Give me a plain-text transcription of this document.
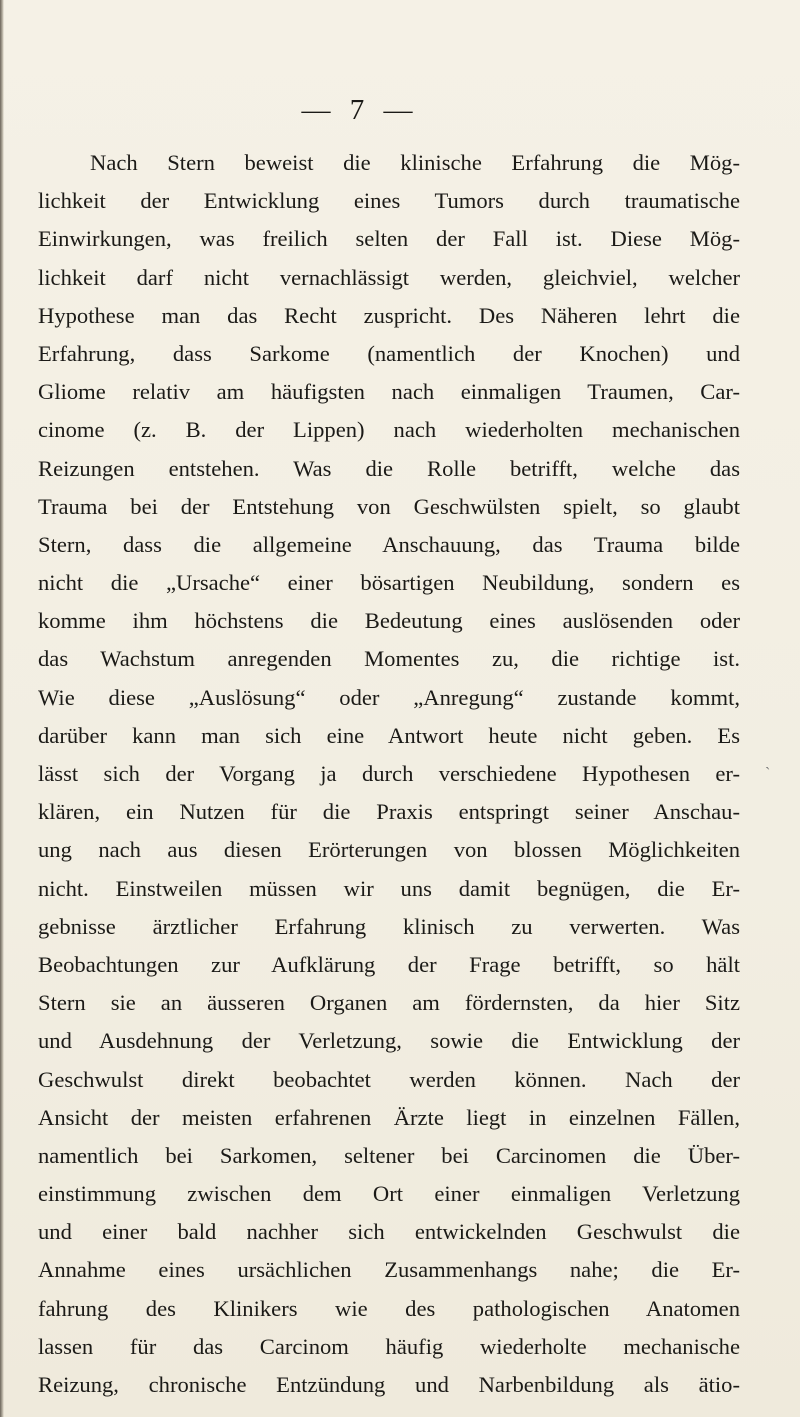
— 7 —
Nach Stern beweist die klinische Erfahrung die Mög-
lichkeit der Entwicklung eines Tumors durch traumatische
Einwirkungen, was freilich selten der Fall ist. Diese Mög-
lichkeit darf nicht vernachlässigt werden, gleichviel, welcher
Hypothese man das Recht zuspricht. Des Näheren lehrt die
Erfahrung, dass Sarkome (namentlich der Knochen) und
Gliome relativ am häufigsten nach einmaligen Traumen, Car-
cinome (z. B. der Lippen) nach wiederholten mechanischen
Reizungen entstehen. Was die Rolle betrifft, welche das
Trauma bei der Entstehung von Geschwülsten spielt, so glaubt
Stern, dass die allgemeine Anschauung, das Trauma bilde
nicht die „Ursache“ einer bösartigen Neubildung, sondern es
komme ihm höchstens die Bedeutung eines auslösenden oder
das Wachstum anregenden Momentes zu, die richtige ist.
Wie diese „Auslösung“ oder „Anregung“ zustande kommt,
darüber kann man sich eine Antwort heute nicht geben. Es
lässt sich der Vorgang ja durch verschiedene Hypothesen er-
klären, ein Nutzen für die Praxis entspringt seiner Anschau-
ung nach aus diesen Erörterungen von blossen Möglichkeiten
nicht. Einstweilen müssen wir uns damit begnügen, die Er-
gebnisse ärztlicher Erfahrung klinisch zu verwerten. Was
Beobachtungen zur Aufklärung der Frage betrifft, so hält
Stern sie an äusseren Organen am fördernsten, da hier Sitz
und Ausdehnung der Verletzung, sowie die Entwicklung der
Geschwulst direkt beobachtet werden können. Nach der
Ansicht der meisten erfahrenen Ärzte liegt in einzelnen Fällen,
namentlich bei Sarkomen, seltener bei Carcinomen die Über-
einstimmung zwischen dem Ort einer einmaligen Verletzung
und einer bald nachher sich entwickelnden Geschwulst die
Annahme eines ursächlichen Zusammenhangs nahe; die Er-
fahrung des Klinikers wie des pathologischen Anatomen
lassen für das Carcinom häufig wiederholte mechanische
Reizung, chronische Entzündung und Narbenbildung als ätio-
ˏ
